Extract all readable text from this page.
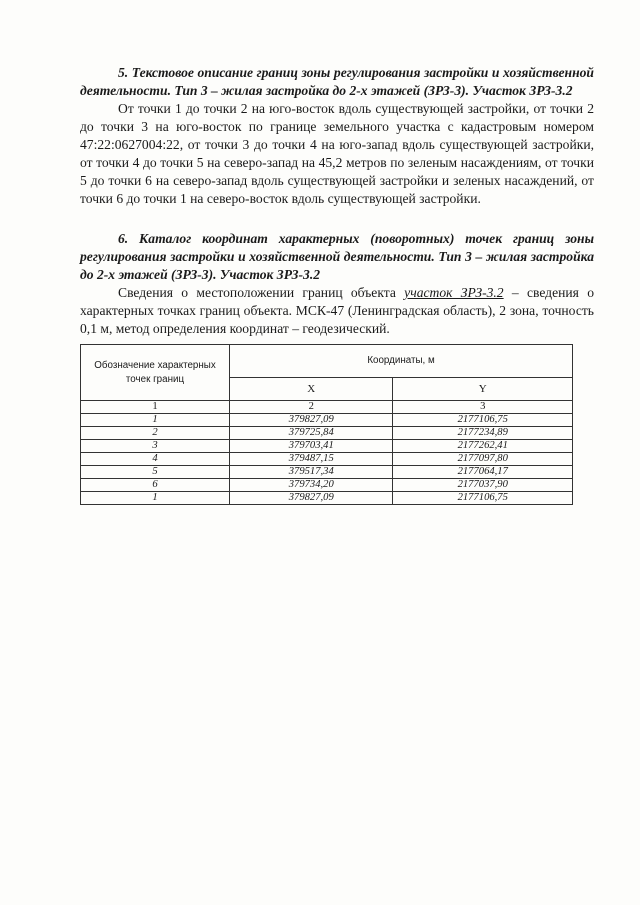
5. Текстовое описание границ зоны регулирования застройки и хозяйственной деятельности. Тип 3 – жилая застройка до 2-х этажей (ЗРЗ-3). Участок ЗРЗ-3.2

От точки 1 до точки 2 на юго-восток вдоль существующей застройки, от точки 2 до точки 3 на юго-восток по границе земельного участка с кадастровым номером 47:22:0627004:22, от точки 3 до точки 4 на юго-запад вдоль существующей застройки, от точки 4 до точки 5 на северо-запад на 45,2 метров по зеленым насаждениям, от точки 5 до точки 6 на северо-запад вдоль существующей застройки и зеленых насаждений, от точки 6 до точки 1 на северо-восток вдоль существующей застройки.

6. Каталог координат характерных (поворотных) точек границ зоны регулирования застройки и хозяйственной деятельности. Тип 3 – жилая застройка до 2-х этажей (ЗРЗ-3). Участок ЗРЗ-3.2

Сведения о местоположении границ объекта участок ЗРЗ-3.2 – сведения о характерных точках границ объекта. МСК-47 (Ленинградская область), 2 зона, точность 0,1 м, метод определения координат – геодезический.

Обозначение характерных точек границ	Координаты, м	
	X	Y
1	2	3
1	379827,09	2177106,75
2	379725,84	2177234,89
3	379703,41	2177262,41
4	379487,15	2177097,80
5	379517,34	2177064,17
6	379734,20	2177037,90
1	379827,09	2177106,75
